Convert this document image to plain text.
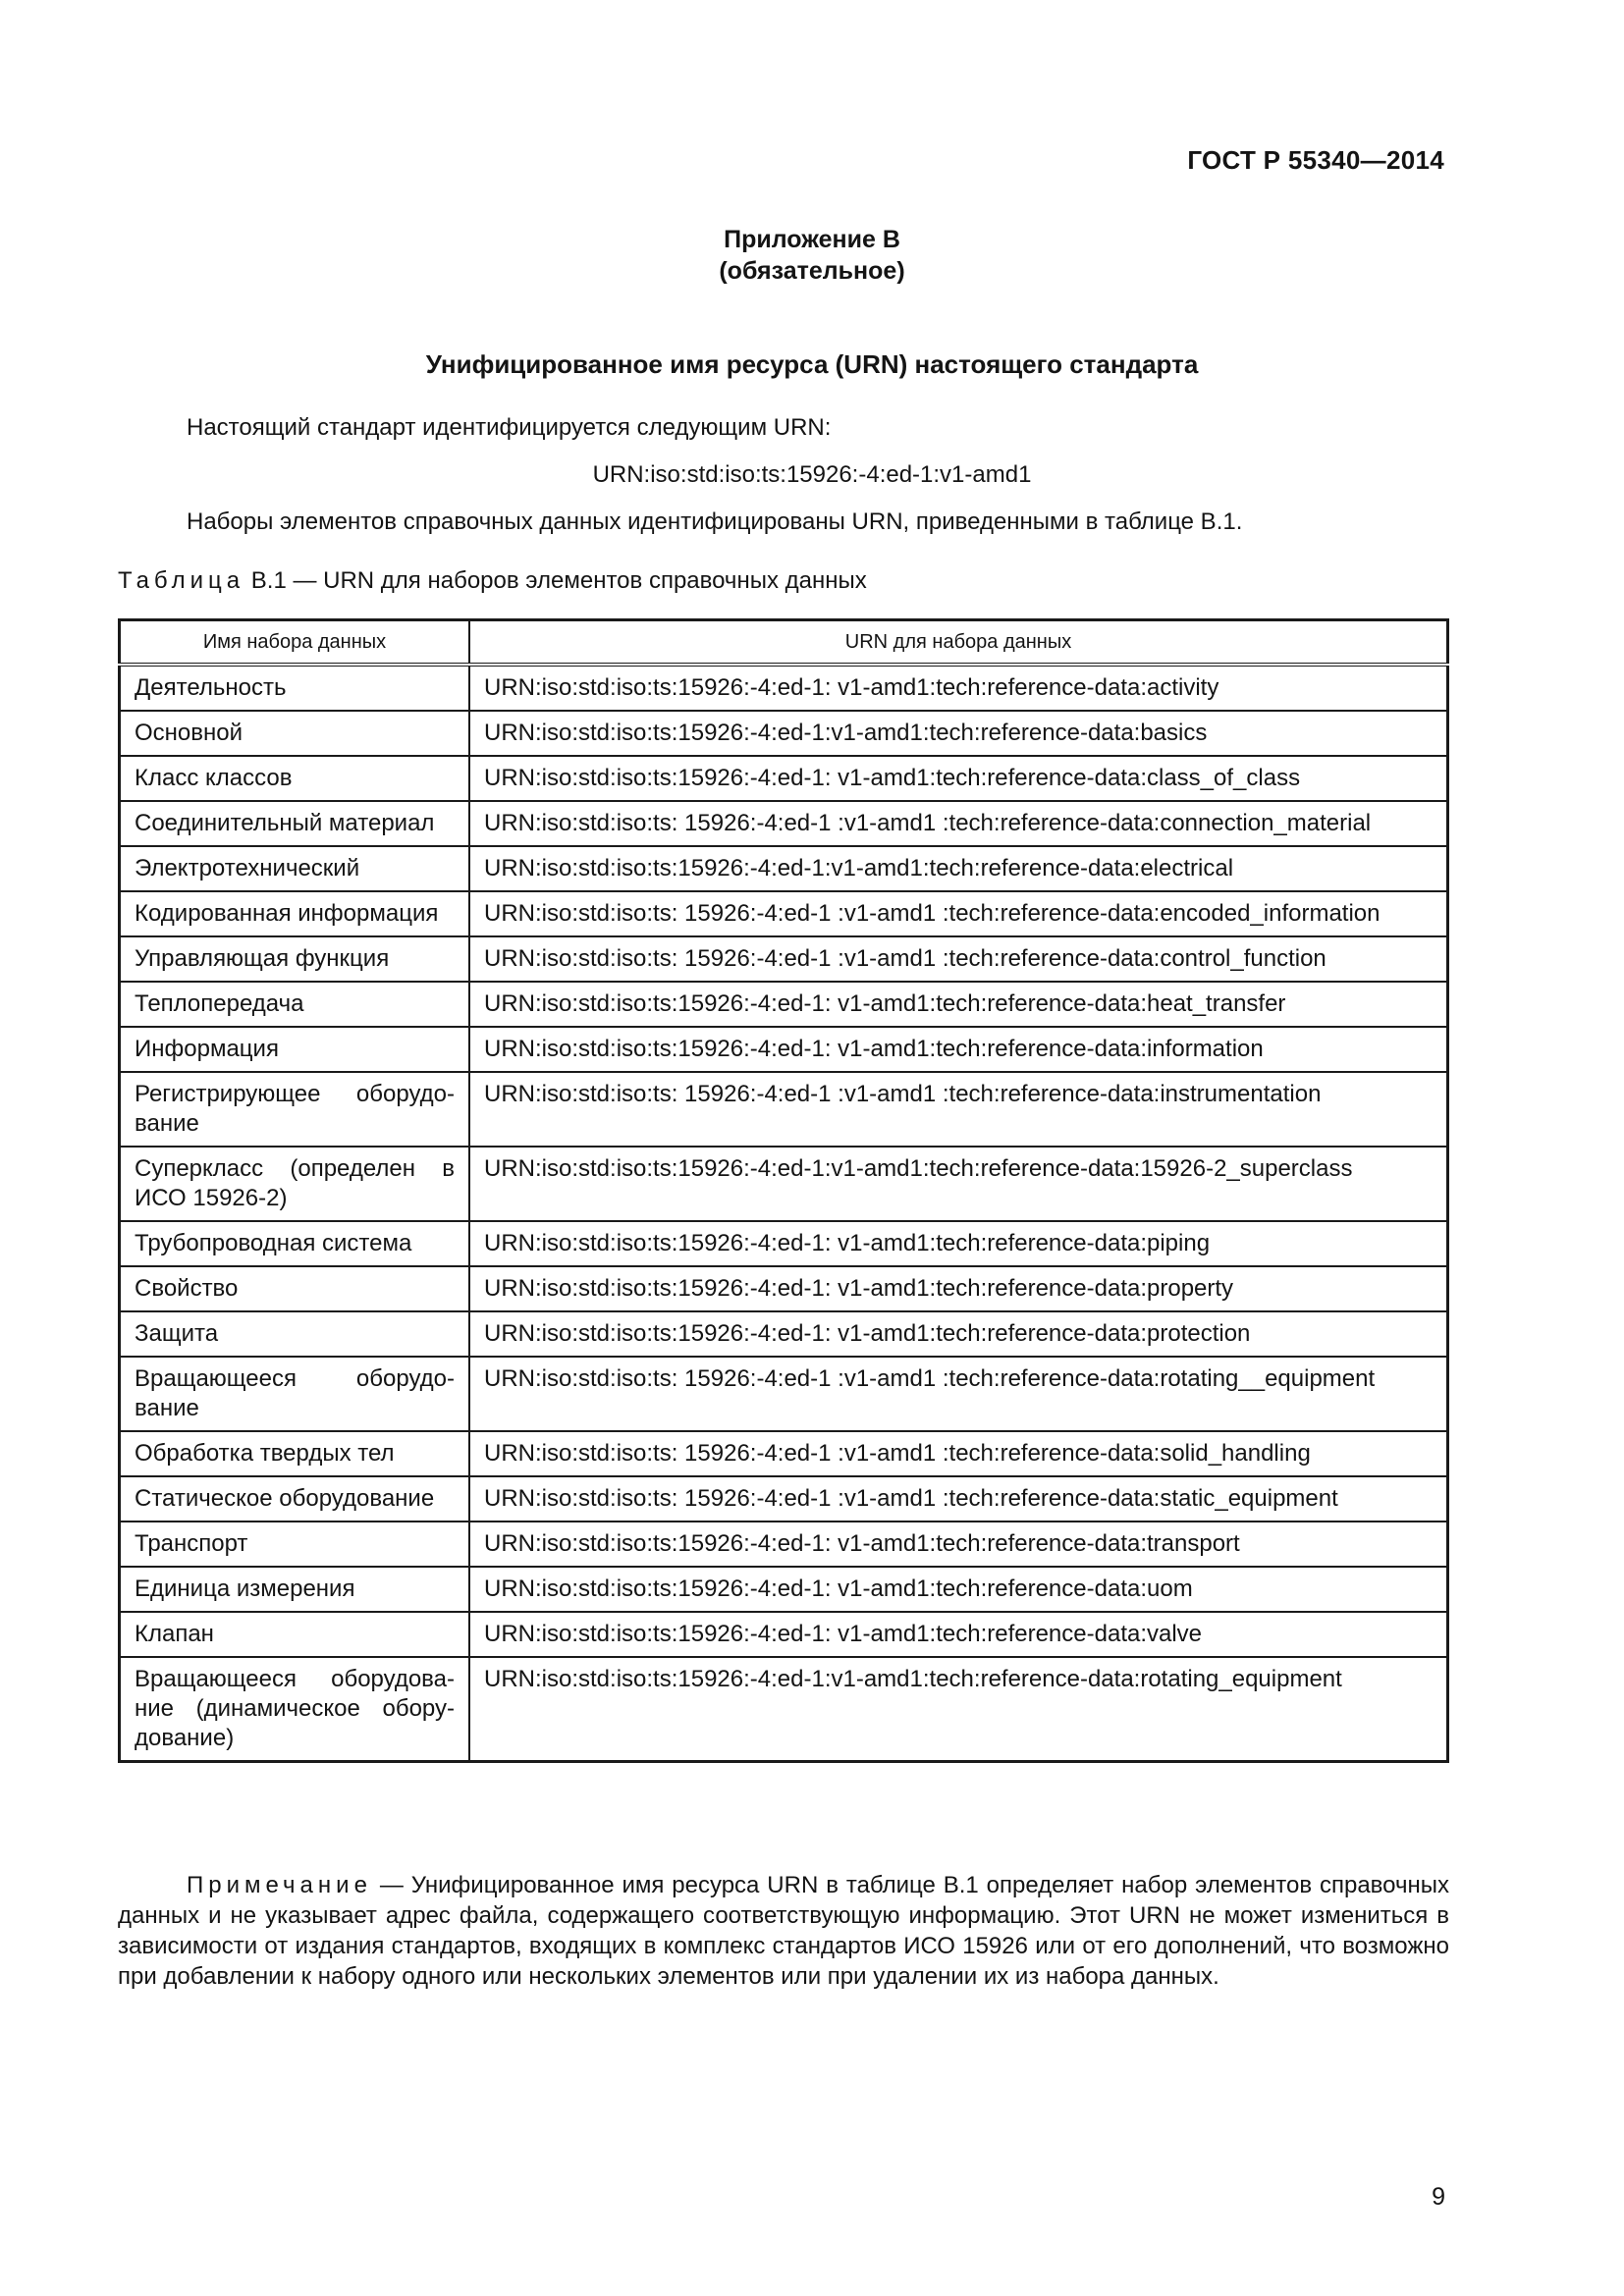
ГОСТ Р 55340—2014
Приложение В
(обязательное)
Унифицированное имя ресурса (URN) настоящего стандарта
Настоящий стандарт идентифицируется следующим URN:
URN:iso:std:iso:ts:15926:-4:ed-1:v1-amd1
Наборы элементов справочных данных идентифицированы URN, приведенными в таблице В.1.
Таблица В.1 — URN для наборов элементов справочных данных
Имя набора данных	URN для набора данных
Деятельность	URN:iso:std:iso:ts:15926:-4:ed-1: v1-amd1:tech:reference-data:activity
Основной	URN:iso:std:iso:ts:15926:-4:ed-1:v1-amd1:tech:reference-data:basics
Класс классов	URN:iso:std:iso:ts:15926:-4:ed-1: v1-amd1:tech:reference-data:class_of_class
Соединительный материал	URN:iso:std:iso:ts: 15926:-4:ed-1 :v1-amd1 :tech:reference-data:connection_material
Электротехнический	URN:iso:std:iso:ts:15926:-4:ed-1:v1-amd1:tech:reference-data:electrical
Кодированная информация	URN:iso:std:iso:ts: 15926:-4:ed-1 :v1-amd1 :tech:reference-data:encoded_information
Управляющая функция	URN:iso:std:iso:ts: 15926:-4:ed-1 :v1-amd1 :tech:reference-data:control_function
Теплопередача	URN:iso:std:iso:ts:15926:-4:ed-1: v1-amd1:tech:reference-data:heat_transfer
Информация	URN:iso:std:iso:ts:15926:-4:ed-1: v1-amd1:tech:reference-data:information
Регистрирующее оборудо-вание	URN:iso:std:iso:ts: 15926:-4:ed-1 :v1-amd1 :tech:reference-data:instrumentation
Суперкласс (определен в ИСО 15926-2)	URN:iso:std:iso:ts:15926:-4:ed-1:v1-amd1:tech:reference-data:15926-2_superclass
Трубопроводная система	URN:iso:std:iso:ts:15926:-4:ed-1: v1-amd1:tech:reference-data:piping
Свойство	URN:iso:std:iso:ts:15926:-4:ed-1: v1-amd1:tech:reference-data:property
Защита	URN:iso:std:iso:ts:15926:-4:ed-1: v1-amd1:tech:reference-data:protection
Вращающееся оборудо-вание	URN:iso:std:iso:ts: 15926:-4:ed-1 :v1-amd1 :tech:reference-data:rotating__equipment
Обработка твердых тел	URN:iso:std:iso:ts: 15926:-4:ed-1 :v1-amd1 :tech:reference-data:solid_handling
Статическое оборудование	URN:iso:std:iso:ts: 15926:-4:ed-1 :v1-amd1 :tech:reference-data:static_equipment
Транспорт	URN:iso:std:iso:ts:15926:-4:ed-1: v1-amd1:tech:reference-data:transport
Единица измерения	URN:iso:std:iso:ts:15926:-4:ed-1: v1-amd1:tech:reference-data:uom
Клапан	URN:iso:std:iso:ts:15926:-4:ed-1: v1-amd1:tech:reference-data:valve
Вращающееся оборудова-ние (динамическое обору-дование)	URN:iso:std:iso:ts:15926:-4:ed-1:v1-amd1:tech:reference-data:rotating_equipment
Примечание — Унифицированное имя ресурса URN в таблице В.1 определяет набор элементов справочных данных и не указывает адрес файла, содержащего соответствующую информацию. Этот URN не может измениться в зависимости от издания стандартов, входящих в комплекс стандартов ИСО 15926 или от его дополнений, что возможно при добавлении к набору одного или нескольких элементов или при удалении их из набора данных.
9
